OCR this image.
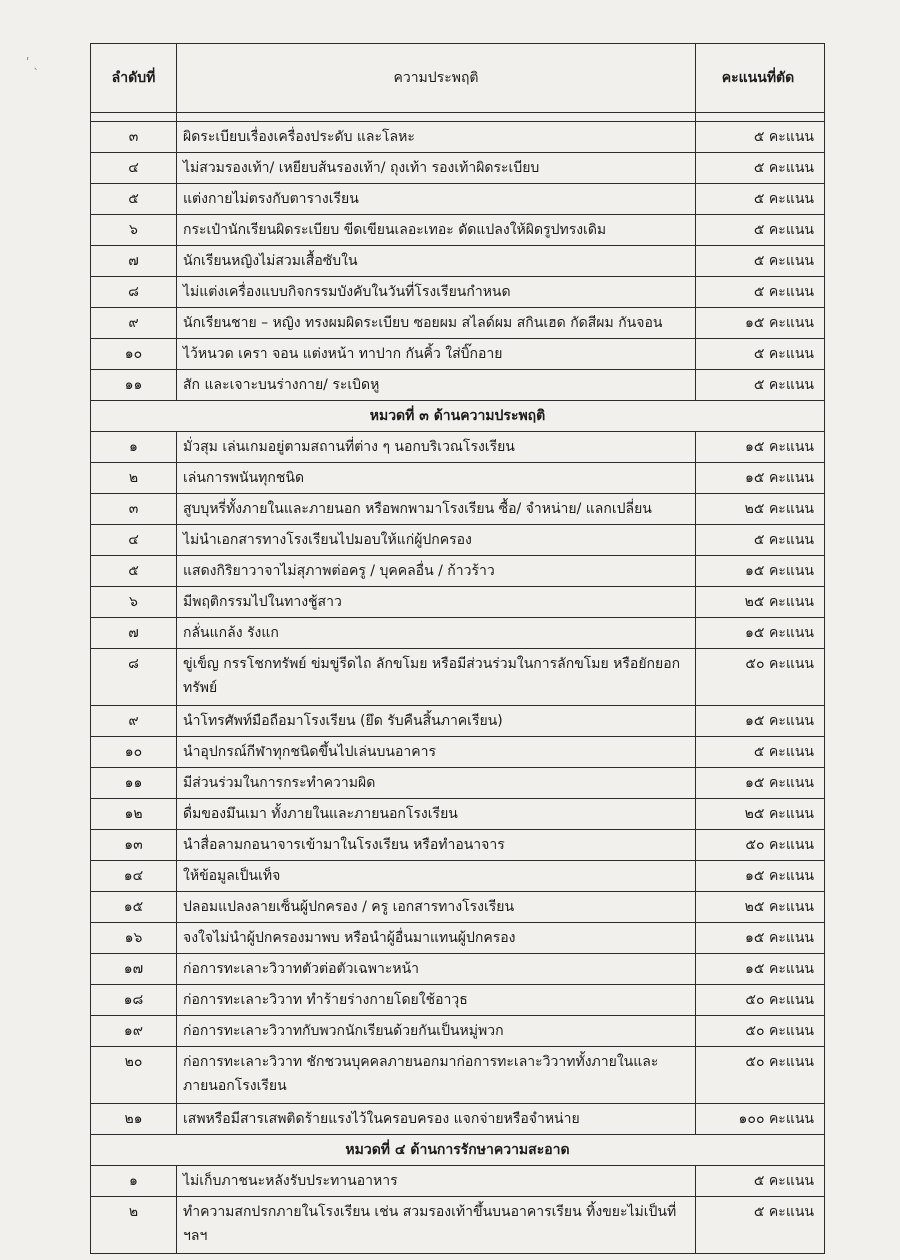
ʹ ˎ
ลำดับที่	ความประพฤติ	คะแนนที่ตัด

๓	ผิดระเบียบเรื่องเครื่องประดับ และโลหะ	๕ คะแนน
๔	ไม่สวมรองเท้า/ เหยียบส้นรองเท้า/ ถุงเท้า รองเท้าผิดระเบียบ	๕ คะแนน
๕	แต่งกายไม่ตรงกับตารางเรียน	๕ คะแนน
๖	กระเป๋านักเรียนผิดระเบียบ ขีดเขียนเลอะเทอะ ดัดแปลงให้ผิดรูปทรงเดิม	๕ คะแนน
๗	นักเรียนหญิงไม่สวมเสื้อซับใน	๕ คะแนน
๘	ไม่แต่งเครื่องแบบกิจกรรมบังคับในวันที่โรงเรียนกำหนด	๕ คะแนน
๙	นักเรียนชาย – หญิง ทรงผมผิดระเบียบ ซอยผม สไลด์ผม สกินเฮด กัดสีผม กันจอน	๑๕ คะแนน
๑๐	ไว้หนวด เครา จอน แต่งหน้า ทาปาก กันคิ้ว ใส่บิ๊กอาย	๕ คะแนน
๑๑	สัก และเจาะบนร่างกาย/ ระเบิดหู	๕ คะแนน
หมวดที่ ๓ ด้านความประพฤติ		
๑	มั่วสุม เล่นเกมอยู่ตามสถานที่ต่าง ๆ นอกบริเวณโรงเรียน	๑๕ คะแนน
๒	เล่นการพนันทุกชนิด	๑๕ คะแนน
๓	สูบบุหรี่ทั้งภายในและภายนอก หรือพกพามาโรงเรียน ซื้อ/ จำหน่าย/ แลกเปลี่ยน	๒๕ คะแนน
๔	ไม่นำเอกสารทางโรงเรียนไปมอบให้แก่ผู้ปกครอง	๕ คะแนน
๕	แสดงกิริยาวาจาไม่สุภาพต่อครู / บุคคลอื่น / ก้าวร้าว	๑๕ คะแนน
๖	มีพฤติกรรมไปในทางชู้สาว	๒๕ คะแนน
๗	กลั่นแกล้ง รังแก	๑๕ คะแนน
๘	ขู่เข็ญ กรรโชกทรัพย์ ข่มขู่รีดไถ ลักขโมย หรือมีส่วนร่วมในการลักขโมย หรือยักยอกทรัพย์	๕๐ คะแนน
๙	นำโทรศัพท์มือถือมาโรงเรียน (ยึด รับคืนสิ้นภาคเรียน)	๑๕ คะแนน
๑๐	นำอุปกรณ์กีฬาทุกชนิดขึ้นไปเล่นบนอาคาร	๕ คะแนน
๑๑	มีส่วนร่วมในการกระทำความผิด	๑๕ คะแนน
๑๒	ดื่มของมึนเมา ทั้งภายในและภายนอกโรงเรียน	๒๕ คะแนน
๑๓	นำสื่อลามกอนาจารเข้ามาในโรงเรียน หรือทำอนาจาร	๕๐ คะแนน
๑๔	ให้ข้อมูลเป็นเท็จ	๑๕ คะแนน
๑๕	ปลอมแปลงลายเซ็นผู้ปกครอง / ครู เอกสารทางโรงเรียน	๒๕ คะแนน
๑๖	จงใจไม่นำผู้ปกครองมาพบ หรือนำผู้อื่นมาแทนผู้ปกครอง	๑๕ คะแนน
๑๗	ก่อการทะเลาะวิวาทตัวต่อตัวเฉพาะหน้า	๑๕ คะแนน
๑๘	ก่อการทะเลาะวิวาท ทำร้ายร่างกายโดยใช้อาวุธ	๕๐ คะแนน
๑๙	ก่อการทะเลาะวิวาทกับพวกนักเรียนด้วยกันเป็นหมู่พวก	๕๐ คะแนน
๒๐	ก่อการทะเลาะวิวาท ชักชวนบุคคลภายนอกมาก่อการทะเลาะวิวาททั้งภายในและภายนอกโรงเรียน	๕๐ คะแนน
๒๑	เสพหรือมีสารเสพติดร้ายแรงไว้ในครอบครอง แจกจ่ายหรือจำหน่าย	๑๐๐ คะแนน
หมวดที่ ๔ ด้านการรักษาความสะอาด		
๑	ไม่เก็บภาชนะหลังรับประทานอาหาร	๕ คะแนน
๒	ทำความสกปรกภายในโรงเรียน เช่น สวมรองเท้าขึ้นบนอาคารเรียน ทิ้งขยะไม่เป็นที่ ฯลฯ	๕ คะแนน
